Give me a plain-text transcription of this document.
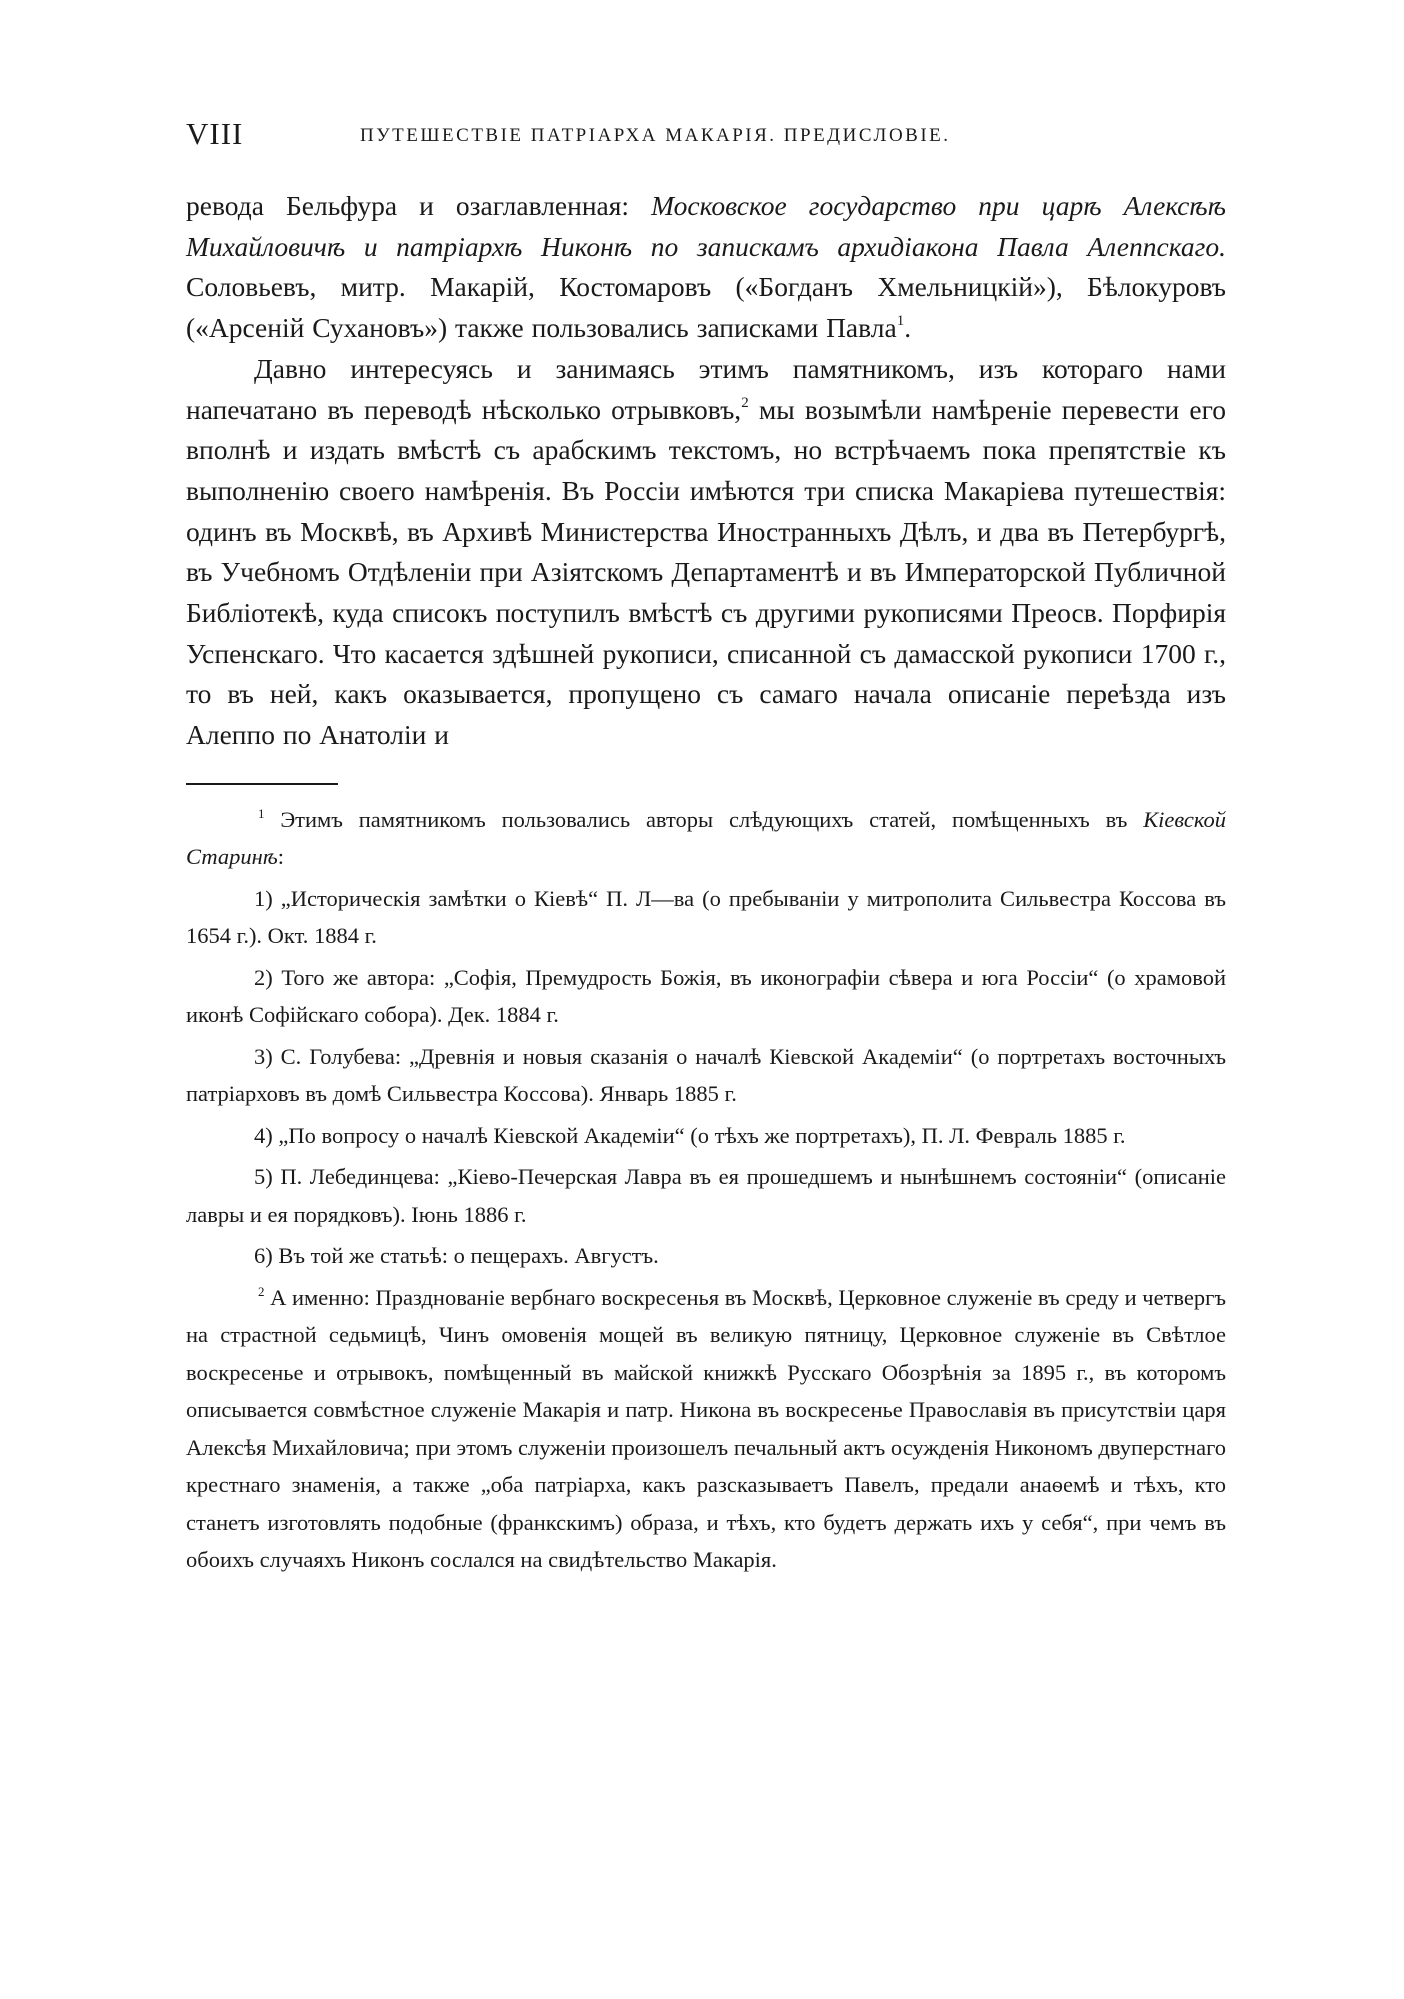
VIII	ПУТЕШЕСТВІЕ ПАТРІАРХА МАКАРІЯ. ПРЕДИСЛОВІЕ.

ревода Бельфура и озаглавленная: Московское государство при царѣ Алексѣѣ Михайловичѣ и патріархѣ Никонѣ по запискамъ архидіакона Павла Алеппскаго. Соловьевъ, митр. Макарій, Костомаровъ («Богданъ Хмельницкій»), Бѣлокуровъ («Арсеній Сухановъ») также пользовались записками Павла$^1$.

Давно интересуясь и занимаясь этимъ памятникомъ, изъ котораго нами напечатано въ переводѣ нѣсколько отрывковъ,$^2$ мы возымѣли намѣреніе перевести его вполнѣ и издать вмѣстѣ съ арабскимъ текстомъ, но встрѣчаемъ пока препятствіе къ выполненію своего намѣренія. Въ Россіи имѣются три списка Макаріева путешествія: одинъ въ Москвѣ, въ Архивѣ Министерства Иностранныхъ Дѣлъ, и два въ Петербургѣ, въ Учебномъ Отдѣленіи при Азіятскомъ Департаментѣ и въ Императорской Публичной Библіотекѣ, куда списокъ поступилъ вмѣстѣ съ другими рукописями Преосв. Порфирія Успенскаго. Что касается здѣшней рукописи, списанной съ дамасской рукописи 1700 г., то въ ней, какъ оказывается, пропущено съ самаго начала описаніе переѣзда изъ Алеппо по Анатоліи и

$^1$ Этимъ памятникомъ пользовались авторы слѣдующихъ статей, помѣщенныхъ въ Кіевской Старинѣ:

1) „Историческія замѣтки о Кіевѣ“ П. Л—ва (о пребываніи у митрополита Сильвестра Коссова въ 1654 г.). Окт. 1884 г.

2) Того же автора: „Софія, Премудрость Божія, въ иконографіи сѣвера и юга Россіи“ (о храмовой иконѣ Софійскаго собора). Дек. 1884 г.

3) С. Голубева: „Древнія и новыя сказанія о началѣ Кіевской Академіи“ (о портретахъ восточныхъ патріарховъ въ домѣ Сильвестра Коссова). Январь 1885 г.

4) „По вопросу о началѣ Кіевской Академіи“ (о тѣхъ же портретахъ), П. Л. Февраль 1885 г.

5) П. Лебединцева: „Кіево-Печерская Лавра въ ея прошедшемъ и нынѣшнемъ состояніи“ (описаніе лавры и ея порядковъ). Іюнь 1886 г.

6) Въ той же статьѣ: о пещерахъ. Августъ.

$^2$ А именно: Празднованіе вербнаго воскресенья въ Москвѣ, Церковное служеніе въ среду и четвергъ на страстной седьмицѣ, Чинъ омовенія мощей въ великую пятницу, Церковное служеніе въ Свѣтлое воскресенье и отрывокъ, помѣщенный въ майской книжкѣ Русскаго Обозрѣнія за 1895 г., въ которомъ описывается совмѣстное служеніе Макарія и патр. Никона въ воскресенье Православія въ присутствіи царя Алексѣя Михайловича; при этомъ служеніи произошелъ печальный актъ осужденія Никономъ двуперстнаго крестнаго знаменія, а также „оба патріарха, какъ разсказываетъ Павелъ, предали анаѳемѣ и тѣхъ, кто станетъ изготовлять подобные (франкскимъ) образа, и тѣхъ, кто будетъ держать ихъ у себя“, при чемъ въ обоихъ случаяхъ Никонъ сослался на свидѣтельство Макарія.
